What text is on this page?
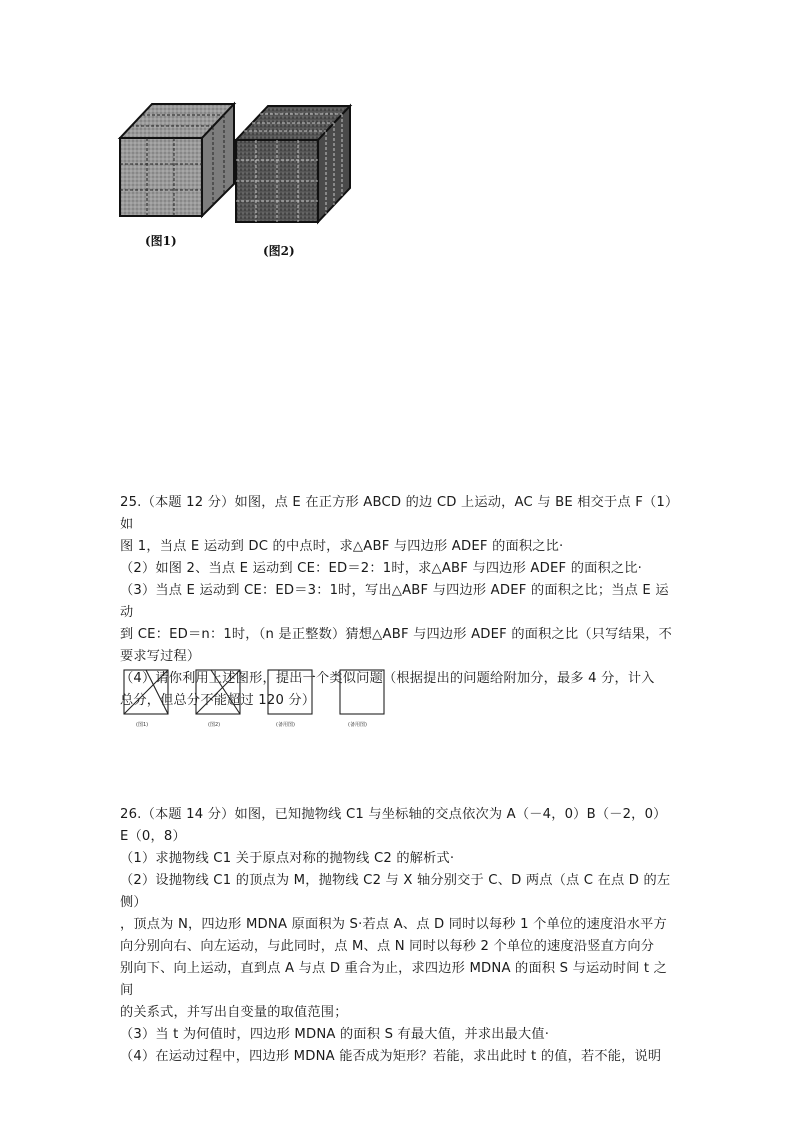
(图1)
(图2)

25.（本题 12 分）如图，点 E 在正方形 ABCD 的边 CD 上运动，AC 与 BE 相交于点 F（1）如

图 1，当点 E 运动到 DC 的中点时，求△ABF 与四边形 ADEF 的面积之比·

（2）如图 2、当点 E 运动到 CE：ED＝2：1时，求△ABF 与四边形 ADEF 的面积之比·

（3）当点 E 运动到 CE：ED＝3：1时，写出△ABF 与四边形 ADEF 的面积之比；当点 E 运动

到 CE：ED＝n：1时，（n 是正整数）猜想△ABF 与四边形 ADEF 的面积之比（只写结果，不

要求写过程）

（4）请你利用上述图形，提出一个类似问题（根据提出的问题给附加分，最多 4 分，计入

总分，但总分不能超过 120 分）

(图1)	(图2)	(备用图)	(备用图)

26.（本题 14 分）如图，已知抛物线 C1 与坐标轴的交点依次为 A（－4，0）B（－2，0）

E（0，8）

（1）求抛物线 C1 关于原点对称的抛物线 C2 的解析式·

（2）设抛物线 C1 的顶点为 M，抛物线 C2 与 X 轴分别交于 C、D 两点（点 C 在点 D 的左侧）

，顶点为 N，四边形 MDNA 原面积为 S·若点 A、点 D 同时以每秒 1 个单位的速度沿水平方

向分别向右、向左运动，与此同时，点 M、点 N 同时以每秒 2 个单位的速度沿竖直方向分

别向下、向上运动，直到点 A 与点 D 重合为止，求四边形 MDNA 的面积 S 与运动时间 t 之间

的关系式，并写出自变量的取值范围；

（3）当 t 为何值时，四边形 MDNA 的面积 S 有最大值，并求出最大值·

（4）在运动过程中，四边形 MDNA 能否成为矩形？若能，求出此时 t 的值，若不能，说明
